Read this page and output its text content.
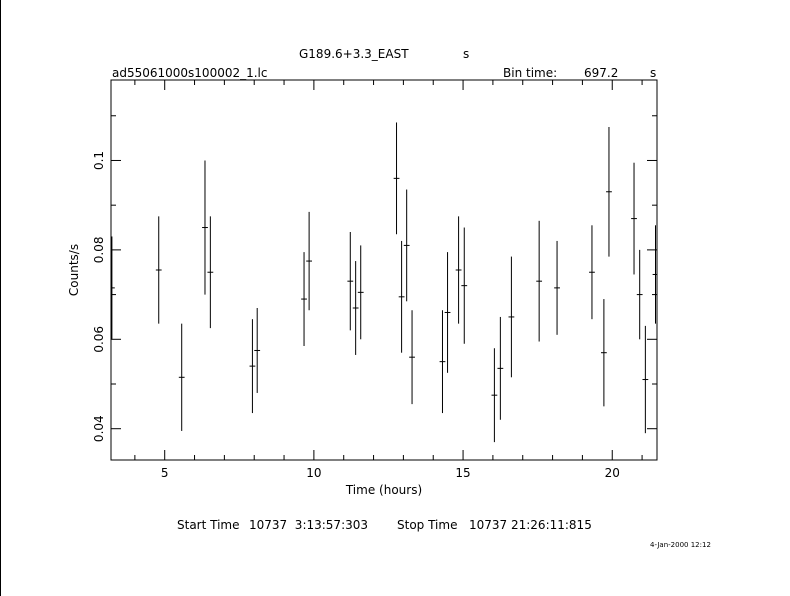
G189.6+3.3_EAST	s
ad55061000s100002_1.lc	Bin time: 697.2	s
5	10	15	20
0.04
0.06
0.08
0.1
Time (hours)
Counts/s
Start Time 10737  3:13:57:303 Stop Time 10737 21:26:11:815
4-Jan-2000 12:12
